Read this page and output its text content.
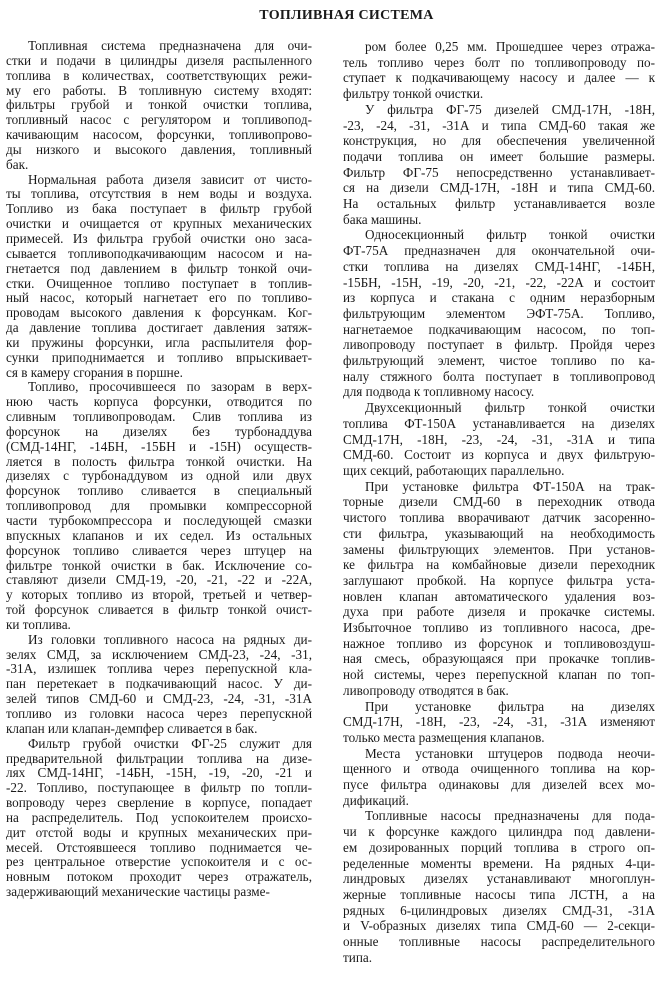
ТОПЛИВНАЯ СИСТЕМА
Топливная система предназначена для очи-
стки и подачи в цилиндры дизеля распыленного
топлива в количествах, соответствующих режи-
му его работы. В топливную систему входят:
фильтры грубой и тонкой очистки топлива,
топливный насос с регулятором и топливопод-
качивающим насосом, форсунки, топливопрово-
ды низкого и высокого давления, топливный
бак.
Нормальная работа дизеля зависит от чисто-
ты топлива, отсутствия в нем воды и воздуха.
Топливо из бака поступает в фильтр грубой
очистки и очищается от крупных механических
примесей. Из фильтра грубой очистки оно заса-
сывается топливоподкачивающим насосом и на-
гнетается под давлением в фильтр тонкой очи-
стки. Очищенное топливо поступает в топлив-
ный насос, который нагнетает его по топливо-
проводам высокого давления к форсункам. Ког-
да давление топлива достигает давления затяж-
ки пружины форсунки, игла распылителя фор-
сунки приподнимается и топливо впрыскивает-
ся в камеру сгорания в поршне.
Топливо, просочившееся по зазорам в верх-
нюю часть корпуса форсунки, отводится по
сливным топливопроводам. Слив топлива из
форсунок на дизелях без турбонаддува
(СМД-14НГ, -14БН, -15БН и -15Н) осуществ-
ляется в полость фильтра тонкой очистки. На
дизелях с турбонаддувом из одной или двух
форсунок топливо сливается в специальный
топливопровод для промывки компрессорной
части турбокомпрессора и последующей смазки
впускных клапанов и их седел. Из остальных
форсунок топливо сливается через штуцер на
фильтре тонкой очистки в бак. Исключение со-
ставляют дизели СМД-19, -20, -21, -22 и -22А,
у которых топливо из второй, третьей и четвер-
той форсунок сливается в фильтр тонкой очист-
ки топлива.
Из головки топливного насоса на рядных ди-
зелях СМД, за исключением СМД-23, -24, -31,
-31А, излишек топлива через перепускной кла-
пан перетекает в подкачивающий насос. У ди-
зелей типов СМД-60 и СМД-23, -24, -31, -31А
топливо из головки насоса через перепускной
клапан или клапан-демпфер сливается в бак.
Фильтр грубой очистки ФГ-25 служит для
предварительной фильтрации топлива на дизе-
лях СМД-14НГ, -14БН, -15Н, -19, -20, -21 и
-22. Топливо, поступающее в фильтр по топли-
вопроводу через сверление в корпусе, попадает
на распределитель. Под успокоителем происхо-
дит отстой воды и крупных механических при-
месей. Отстоявшееся топливо поднимается че-
рез центральное отверстие успокоителя и с ос-
новным потоком проходит через отражатель,
задерживающий механические частицы разме-
ром более 0,25 мм. Прошедшее через отража-
тель топливо через болт по топливопроводу по-
ступает к подкачивающему насосу и далее — к
фильтру тонкой очистки.
У фильтра ФГ-75 дизелей СМД-17Н, -18Н,
-23, -24, -31, -31А и типа СМД-60 такая же
конструкция, но для обеспечения увеличенной
подачи топлива он имеет большие размеры.
Фильтр ФГ-75 непосредственно устанавливает-
ся на дизели СМД-17Н, -18Н и типа СМД-60.
На остальных фильтр устанавливается возле
бака машины.
Односекционный фильтр тонкой очистки
ФТ-75А предназначен для окончательной очи-
стки топлива на дизелях СМД-14НГ, -14БН,
-15БН, -15Н, -19, -20, -21, -22, -22А и состоит
из корпуса и стакана с одним неразборным
фильтрующим элементом ЭФТ-75А. Топливо,
нагнетаемое подкачивающим насосом, по топ-
ливопроводу поступает в фильтр. Пройдя через
фильтрующий элемент, чистое топливо по ка-
налу стяжного болта поступает в топливопровод
для подвода к топливному насосу.
Двухсекционный фильтр тонкой очистки
топлива ФТ-150А устанавливается на дизелях
СМД-17Н, -18Н, -23, -24, -31, -31А и типа
СМД-60. Состоит из корпуса и двух фильтрую-
щих секций, работающих параллельно.
При установке фильтра ФТ-150А на трак-
торные дизели СМД-60 в переходник отвода
чистого топлива вворачивают датчик засоренно-
сти фильтра, указывающий на необходимость
замены фильтрующих элементов. При установ-
ке фильтра на комбайновые дизели переходник
заглушают пробкой. На корпусе фильтра уста-
новлен клапан автоматического удаления воз-
духа при работе дизеля и прокачке системы.
Избыточное топливо из топливного насоса, дре-
нажное топливо из форсунок и топливовоздуш-
ная смесь, образующаяся при прокачке топлив-
ной системы, через перепускной клапан по топ-
ливопроводу отводятся в бак.
При установке фильтра на дизелях
СМД-17Н, -18Н, -23, -24, -31, -31А изменяют
только места размещения клапанов.
Места установки штуцеров подвода неочи-
щенного и отвода очищенного топлива на кор-
пусе фильтра одинаковы для дизелей всех мо-
дификаций.
Топливные насосы предназначены для пода-
чи к форсунке каждого цилиндра под давлени-
ем дозированных порций топлива в строго оп-
ределенные моменты времени. На рядных 4-ци-
линдровых дизелях устанавливают многоплун-
жерные топливные насосы типа ЛСТН, а на
рядных 6-цилиндровых дизелях СМД-31, -31А
и V-образных дизелях типа СМД-60 — 2-секци-
онные топливные насосы распределительного
типа.
